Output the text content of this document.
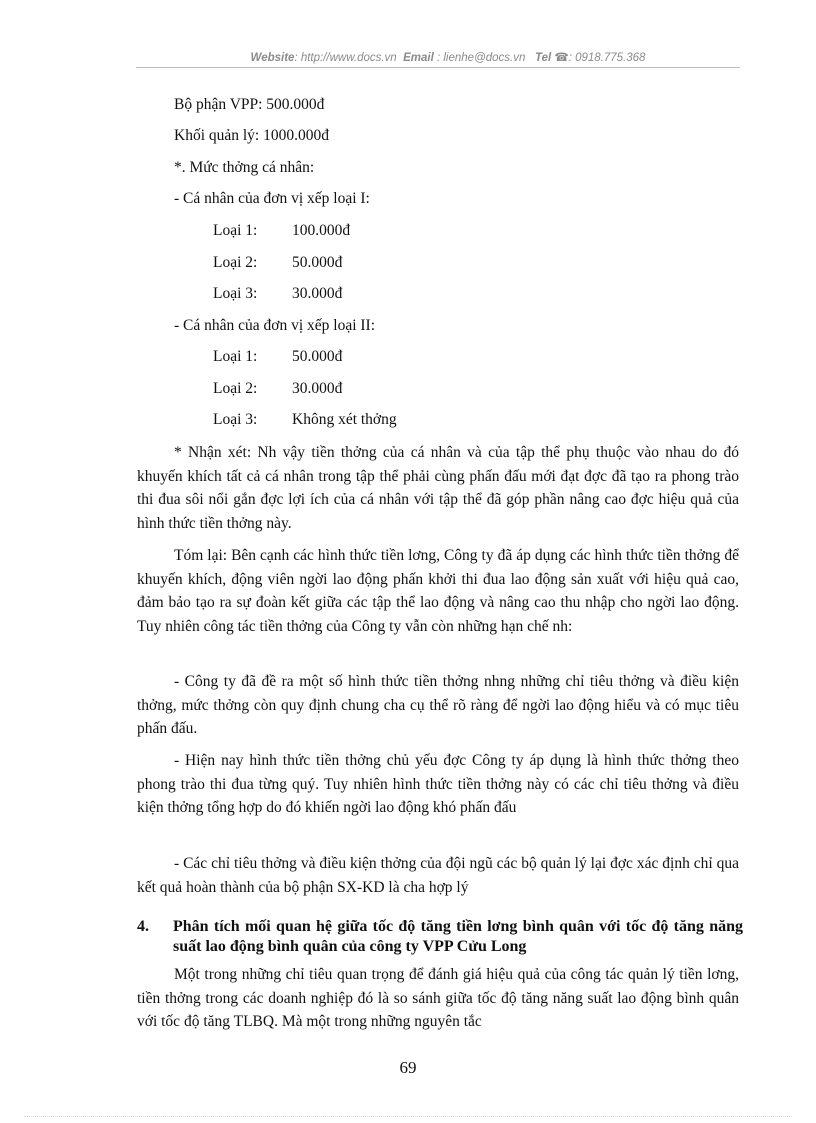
Website: http://www.docs.vn Email : lienhe@docs.vn Tel ☎: 0918.775.368
Bộ phận VPP: 500.000đ
Khối quản lý: 1000.000đ
*. Mức thởng cá nhân:
- Cá nhân của đơn vị xếp loại I:
Loại 1: 100.000đ
Loại 2: 50.000đ
Loại 3: 30.000đ
- Cá nhân của đơn vị xếp loại II:
Loại 1: 50.000đ
Loại 2: 30.000đ
Loại 3: Không xét thởng
* Nhận xét: Nh vậy tiền thởng của cá nhân và của tập thể phụ thuộc vào nhau do đó khuyến khích tất cả cá nhân trong tập thể phải cùng phấn đấu mới đạt đợc đã tạo ra phong trào thi đua sôi nổi gắn đợc lợi ích của cá nhân với tập thể đã góp phần nâng cao đợc hiệu quả của hình thức tiền thởng này.
Tóm lại: Bên cạnh các hình thức tiền lơng, Công ty đã áp dụng các hình thức tiền thởng để khuyến khích, động viên ngời lao động phấn khởi thi đua lao động sản xuất với hiệu quả cao, đảm bảo tạo ra sự đoàn kết giữa các tập thể lao động và nâng cao thu nhập cho ngời lao động. Tuy nhiên công tác tiền thởng của Công ty vẫn còn những hạn chế nh:
- Công ty đã đề ra một số hình thức tiền thởng nhng những chỉ tiêu thởng và điều kiện thởng, mức thởng còn quy định chung cha cụ thể rõ ràng để ngời lao động hiểu và có mục tiêu phấn đấu.
- Hiện nay hình thức tiền thởng chủ yếu đợc Công ty áp dụng là hình thức thởng theo phong trào thi đua từng quý. Tuy nhiên hình thức tiền thởng này có các chỉ tiêu thởng và điều kiện thởng tổng hợp do đó khiến ngời lao động khó phấn đấu
- Các chỉ tiêu thởng và điều kiện thởng của đội ngũ các bộ quản lý lại đợc xác định chỉ qua kết quả hoàn thành của bộ phận SX-KD là cha hợp lý
4. Phân tích mối quan hệ giữa tốc độ tăng tiền lơng bình quân với tốc độ tăng năng suất lao động bình quân của công ty VPP Cửu Long
Một trong những chỉ tiêu quan trọng để đánh giá hiệu quả của công tác quản lý tiền lơng, tiền thởng trong các doanh nghiệp đó là so sánh giữa tốc độ tăng năng suất lao động bình quân với tốc độ tăng TLBQ. Mà một trong những nguyên tắc
69
